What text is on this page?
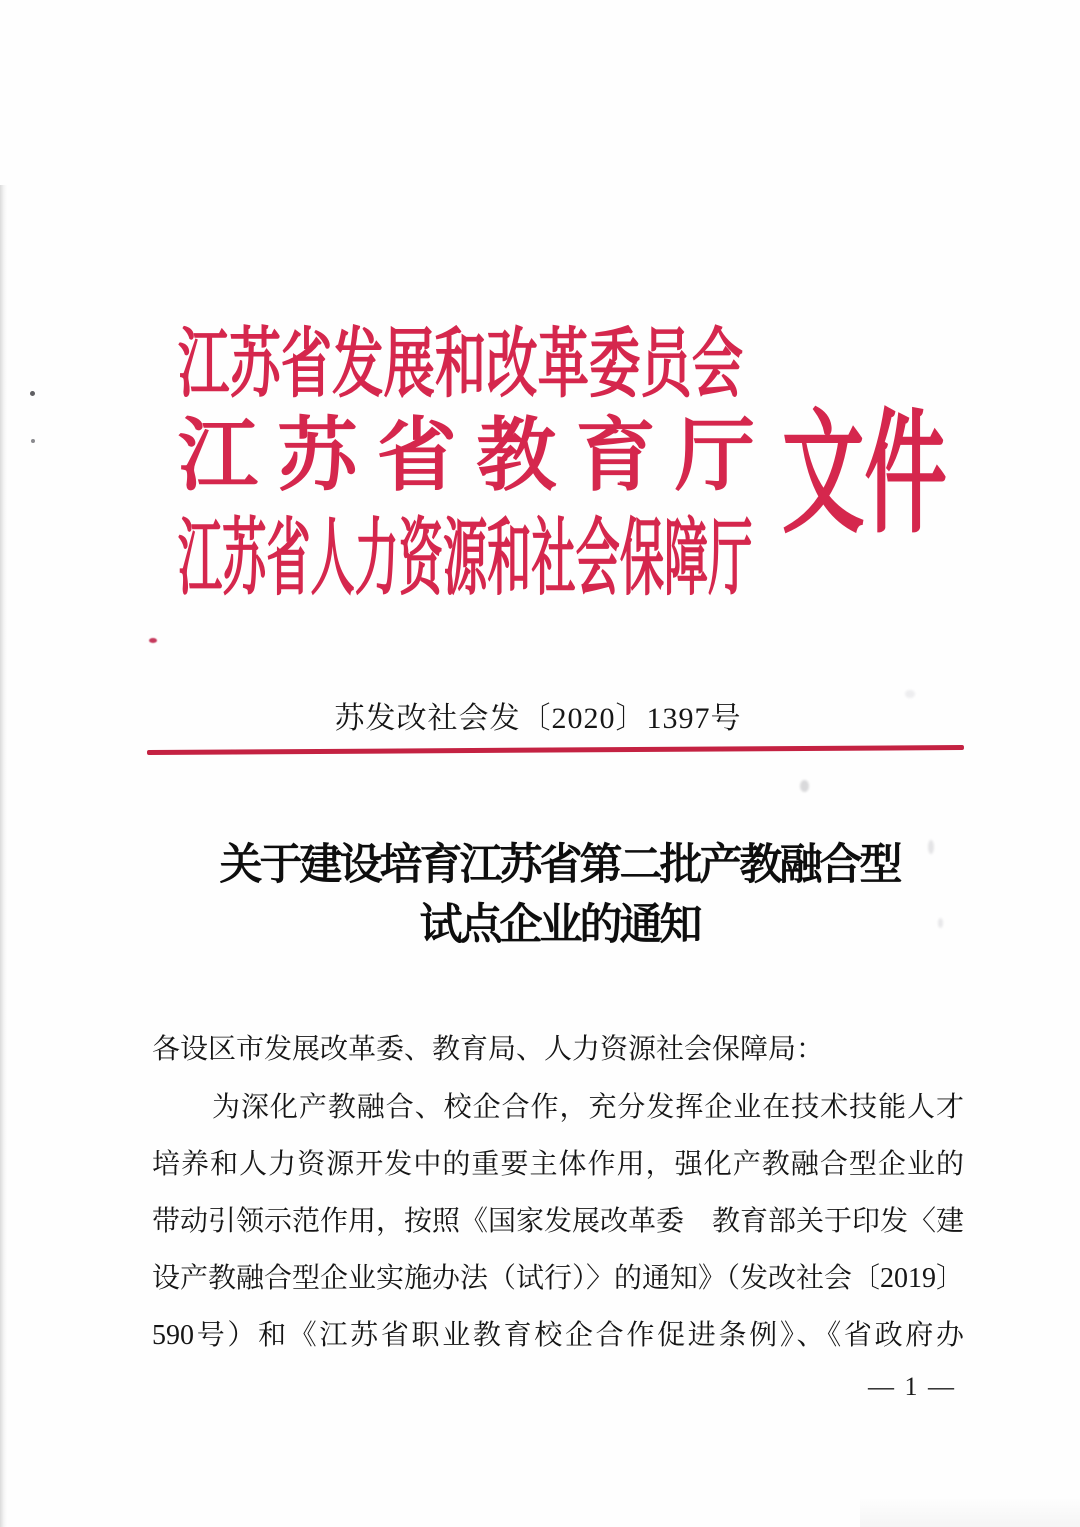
江苏省发展和改革委员会
江苏省教育厅
江苏省人力资源和社会保障厅
文件
苏发改社会发〔2020〕1397号
关于建设培育江苏省第二批产教融合型
试点企业的通知
各设区市发展改革委、教育局、人力资源社会保障局：
为深化产教融合、校企合作，充分发挥企业在技术技能人才
培养和人力资源开发中的重要主体作用，强化产教融合型企业的
带动引领示范作用，按照《国家发展改革委　教育部关于印发〈建
设产教融合型企业实施办法（试行）〉的通知》（发改社会〔2019〕
590号）和《江苏省职业教育校企合作促进条例》、《省政府办
— 1 —
